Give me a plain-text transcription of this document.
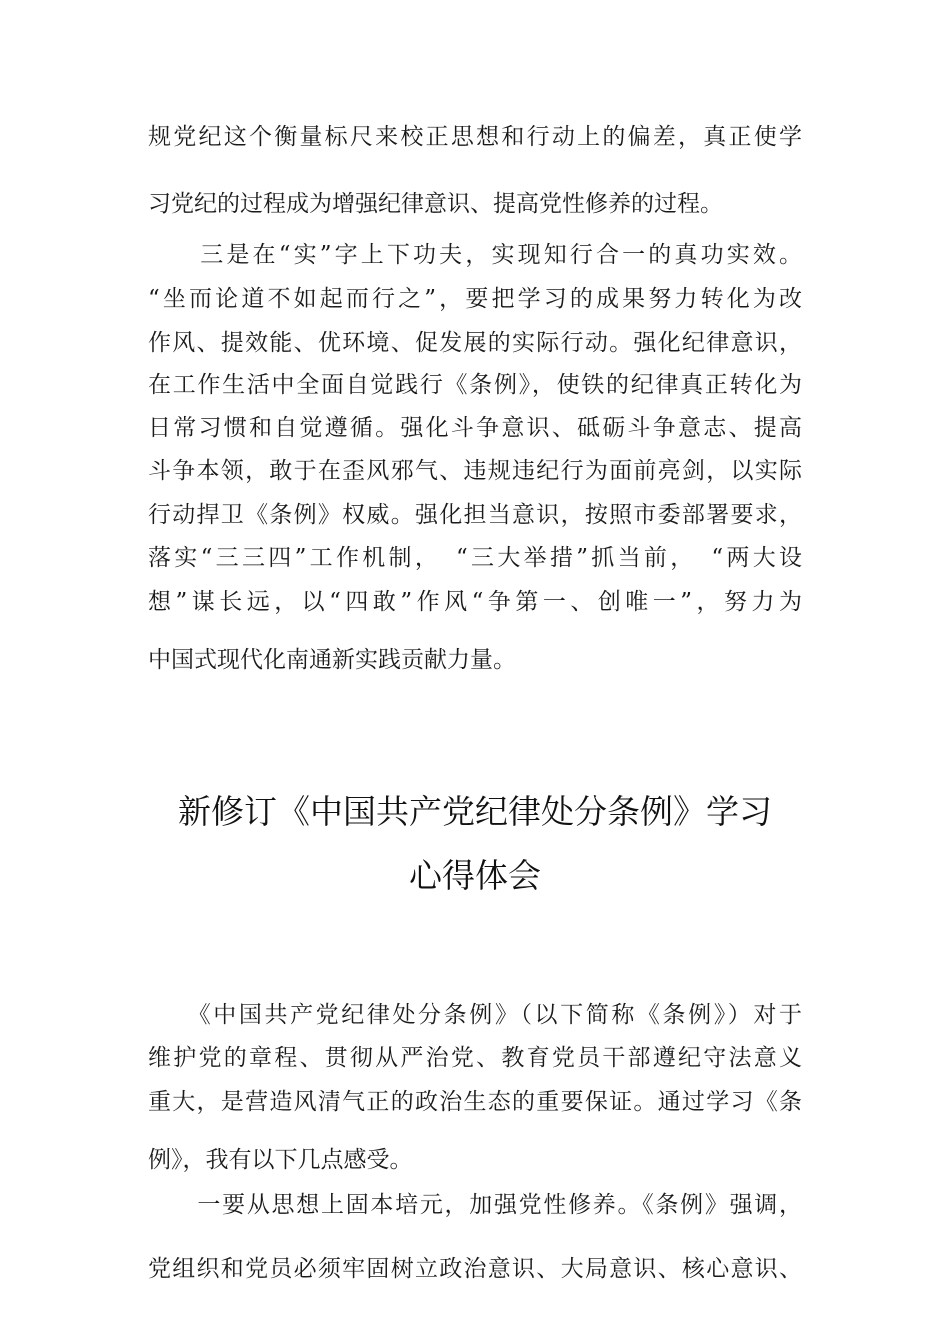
规党纪这个衡量标尺来校正思想和行动上的偏差，真正使学
习党纪的过程成为增强纪律意识、提高党性修养的过程。
　　三是在“实”字上下功夫，实现知行合一的真功实效。
“坐而论道不如起而行之”，要把学习的成果努力转化为改
作风、提效能、优环境、促发展的实际行动。强化纪律意识，
在工作生活中全面自觉践行《条例》，使铁的纪律真正转化为
日常习惯和自觉遵循。强化斗争意识、砥砺斗争意志、提高
斗争本领，敢于在歪风邪气、违规违纪行为面前亮剑，以实际
行动捍卫《条例》权威。强化担当意识，按照市委部署要求，
落实“三三四”工作机制，　“三大举措”抓当前，　“两大设
想”谋长远，以“四敢”作风“争第一、创唯一”，努力为
中国式现代化南通新实践贡献力量。
新修订《中国共产党纪律处分条例》学习
心得体会
　　《中国共产党纪律处分条例》（以下简称《条例》）对于
维护党的章程、贯彻从严治党、教育党员干部遵纪守法意义
重大，是营造风清气正的政治生态的重要保证。通过学习《条
例》，我有以下几点感受。
　　一要从思想上固本培元，加强党性修养。《条例》强调，
党组织和党员必须牢固树立政治意识、大局意识、核心意识、
